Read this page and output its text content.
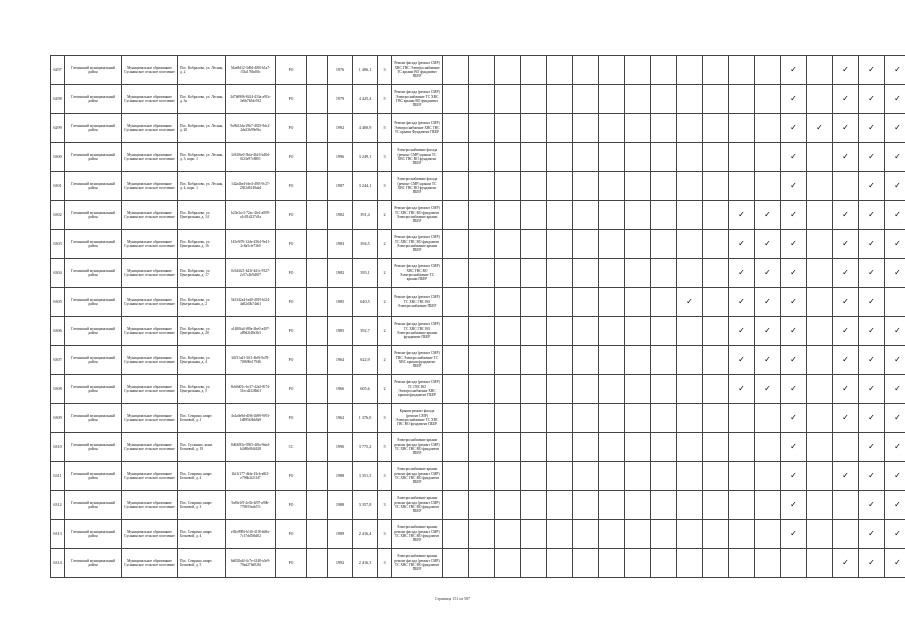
6297	Гатчинский муниципальный район	Муниципальное образование Сусанинское сельское поселение	Пос. Кобралово, ул. Лесная, д. 2	54ae8d12-3d9d-4f80-b1a7-f33a176bd0fc	РО		1976	1 406,1	3	Ремонт фасада (ремонт СМР) ХВС ГВС Электроснабжение ТС крыши ВО фундамент ПБЕР														✓		✓	✓	✓
6298	Гатчинский муниципальный район	Муниципальное образование Сусанинское сельское поселение	Пос. Кобралово, ул. Лесная, д. 3а	2d7b8906-8414-433a-a91b-3e6b7b5dc932	РО		1979	4 425,4	5	Ремонт фасада (ремонт СМР) Электроснабжение ТС ХВС ГВС крыши ВО фундамент ПБЕР														✓		✓	✓	✓
6299	Гатчинский муниципальный район	Муниципальное образование Сусанинское сельское поселение	Пос. Кобралово, ул. Лесная, д. 20	9a9b52da-29b7-4925-9dc2-2da33b99e9fa	РО		1992	4 400,9	5	Ремонт фасада (ремонт СМР) Электроснабжение ХВС ГВС ТС крыши Фундамент ПБЕР														✓	✓	✓	✓	✓
6300	Гатчинский муниципальный район	Муниципальное образование Сусанинское сельское поселение	Пос. Кобралово, ул. Лесная, д. 3, корп. 1	3c92f6e0-5bfa-4b16-b48d-0f23e97c8801	РО		1996	3 249,1	3	Электроснабжение фасада (ремонт СМР) крыши ТС ХВС ГВС ВО фундамент ПБЕР														✓		✓	✓	✓
6301	Гатчинский муниципальный район	Муниципальное образование Сусанинское сельское поселение	Пос. Кобралово, ул. Лесная, д. 4, корп. 1	142a4be4-fde4-49f3-9c27-2302d6148ab4	РО		1987	3 244,1	3	Электроснабжение фасада (ремонт СМР) крыши ТС ХВС ГВС ВО фундамент ПБЕР														✓			✓	✓
6302	Гатчинский муниципальный район	Муниципальное образование Сусанинское сельское поселение	Пос. Кобралово, ул. Центральная, д. 14	b23e3cc3-72ac-4fe2-a899-a1c81d237d1a	РО		1982	391,4	2	Ремонт фасада (ремонт СМР) ТС ХВС ГВС ВО фундамент Электроснабжение крыши ПБЕР												✓	✓	✓		✓	✓	✓
6303	Гатчинский муниципальный район	Муниципальное образование Сусанинское сельское поселение	Пос. Кобралово, ул. Центральная, д. 16	145e9f76-12de-4564-9e41-2c8a5cfe73b9	РО		1983	394,5	2	Ремонт фасада (ремонт СМР) ТС ХВС ГВС ВО фундамент Электроснабжение крыши ПБЕР												✓	✓	✓		✓	✓	✓
6304	Гатчинский муниципальный район	Муниципальное образование Сусанинское сельское поселение	Пос. Кобралово, ул. Центральная, д. 17	0c5d4f21-b23f-4d1c-9327-2c57c2b9d307	РО		1982	395,1	2	Ремонт фасада (ремонт СМР) ХВС ГВС ВО Электроснабжение ТС крыши ПБЕР												✓	✓	✓		✓	✓	✓
6305	Гатчинский муниципальный район	Муниципальное образование Сусанинское сельское поселение	Пос. Кобралово, ул. Центральная, д. 2	5b1342a4-fad0-4395-bf24-4a82d3b74a61	РО		1985	640,5	2	Ремонт фасада (ремонт СМР) ТС ХВС ГВС ВО Электроснабжение ПБЕР										✓		✓	✓	✓		✓	✓	
6306	Гатчинский муниципальный район	Муниципальное образование Сусанинское сельское поселение	Пос. Кобралово, ул. Центральная, д. 20	a1480fa4-f89a-4be0-a407-a89d2f48e3b3	РО		1985	392,7	2	Ремонт фасада (ремонт СМР) ТС ХВС ГВС ВО Электроснабжение крыши фундамент ПБЕР												✓	✓	✓		✓	✓	✓
6307	Гатчинский муниципальный район	Муниципальное образование Сусанинское сельское поселение	Пос. Кобралово, ул. Центральная, д. 4	b5f51a41-5ff1-4b0f-9a78-7f8690e17946	РО		1964	622,9	2	Ремонт фасада (ремонт СМР) ГВС Электроснабжение ТС ХВС крыши фундамент ПБЕР												✓	✓	✓		✓	✓	✓
6308	Гатчинский муниципальный район	Муниципальное образование Сусанинское сельское поселение	Пос. Кобралово, ул. Центральная, д. 5	8cb8d01c-bc37-42a5-8f74-31ecd2328b61	РО		1966	605,6	2	Ремонт фасада (ремонт СМР) ТС ГВС ВО Электроснабжение ХВС крыши фундамент ПБЕР												✓	✓	✓		✓	✓	✓
6309	Гатчинский муниципальный район	Муниципальное образование Сусанинское сельское поселение	Пос. Семрино, кварт. Бельевой, д. 1	4c4a0e8d-d0f6-4b99-9f93-1d885b3bb8a9	РО		1962	1 376,0	3	Крыши ремонт фасада (ремонт СМР) Электроснабжение ТС ХВС ГВС ВО фундамент ПБЕР														✓		✓	✓	✓
6310	Гатчинский муниципальный район	Муниципальное образование Сусанинское сельское поселение	Пос. Сусанино, конн. Бельевой, д. 19	8d63f85e-0505-4f8a-9da4-b2d8b06f4428	СС		1990	3 775,2	5	Электроснабжение крыши ремонт фасада (ремонт СМР) ТС ХВС ГВС ВО фундамент ПБЕР														✓			✓	✓
6311	Гатчинский муниципальный район	Муниципальное образование Сусанинское сельское поселение	Пос. Семрино, кварт. Бельевой, д. 2	2bf1f177-dbfa-43cb-a8f2-e796b2f21f47	РО		1988	3 351,5	3	Электроснабжение крыши ремонт фасада (ремонт СМР) ТС ХВС ГВС ВО фундамент ПБЕР														✓		✓	✓	✓
6312	Гатчинский муниципальный район	Муниципальное образование Сусанинское сельское поселение	Пос. Семрино, кварт. Бельевой, д. 3	9a8fe1f9-2e3b-4f97-a90b-776955eab57c	РО		1988	3 357,8	3	Электроснабжение крыши ремонт фасада (ремонт СМР) ТС ХВС ГВС ВО фундамент ПБЕР														✓			✓	✓
6313	Гатчинский муниципальный район	Муниципальное образование Сусанинское сельское поселение	Пос. Семрино, кварт. Бельевой, д. 4	e38a9906-b1f0-41f8-bb9a-7c17dd5f6d02	РО		1989	2 416,4	3	Электроснабжение крыши ремонт фасада (ремонт СМР) ТС ХВС ГВС ВО фундамент ПБЕР														✓			✓	✓
6314	Гатчинский муниципальный район	Муниципальное образование Сусанинское сельское поселение	Пос. Семрино, кварт. Бельевой, д. 5	6df02bd4-4c7e-4148-a3e9-79ad276d026f	РО		1992	2 416,3	3	Электроснабжение крыши ремонт фасада (ремонт СМР) ТС ХВС ГВС ВО фундамент ПБЕР																✓	✓	✓
Страница 151 из 587
